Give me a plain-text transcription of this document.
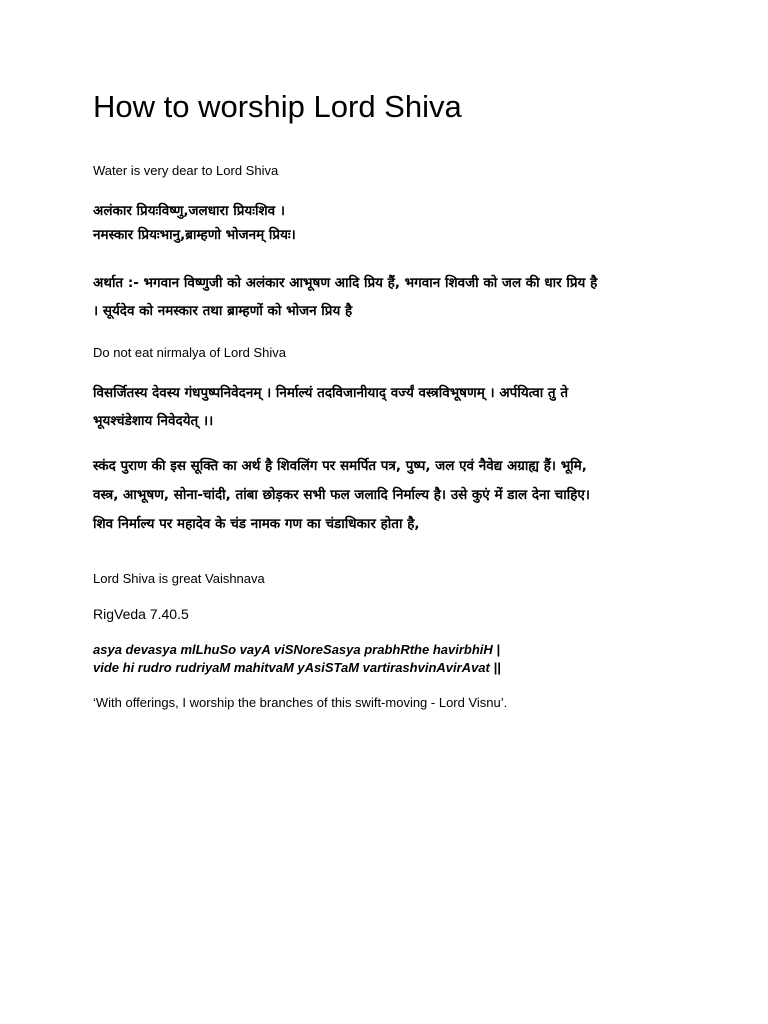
How to worship Lord Shiva
Water is very dear to Lord Shiva
अलंकार प्रियःविष्णु,जलधारा प्रियःशिव ।
नमस्कार प्रियःभानु,ब्राम्हणो भोजनम् प्रियः।
अर्थात :- भगवान विष्णुजी को अलंकार आभूषण आदि प्रिय हैं, भगवान शिवजी को जल की धार प्रिय है
। सूर्यदेव को नमस्कार तथा ब्राम्हणों को भोजन प्रिय है
Do not eat nirmalya of Lord Shiva
विसर्जितस्य देवस्य गंधपुष्पनिवेदनम् । निर्माल्यं तदविजानीयाद् वर्ज्यं वस्त्रविभूषणम् । अर्पयित्वा तु ते
भूयश्चंडेशाय निवेदयेत् ।।
स्कंद पुराण की इस सूक्ति का अर्थ है शिवलिंग पर समर्पित पत्र, पुष्प, जल एवं नैवेद्य अग्राह्य हैं। भूमि,
वस्त्र, आभूषण, सोना-चांदी, तांबा छोड़कर सभी फल जलादि निर्माल्य है। उसे कुएं में डाल देना चाहिए।
शिव निर्माल्य पर महादेव के चंड नामक गण का चंडाधिकार होता है,
Lord Shiva is great Vaishnava
RigVeda 7.40.5
asya devasya mlLhuSo vayA viSNoreSasya prabhRthe havirbhiH |
vide hi rudro rudriyaM mahitvaM yAsiSTaM vartirashvinAvirAvat ||
‘With offerings, I worship the branches of this swift-moving - Lord Visnu’.
